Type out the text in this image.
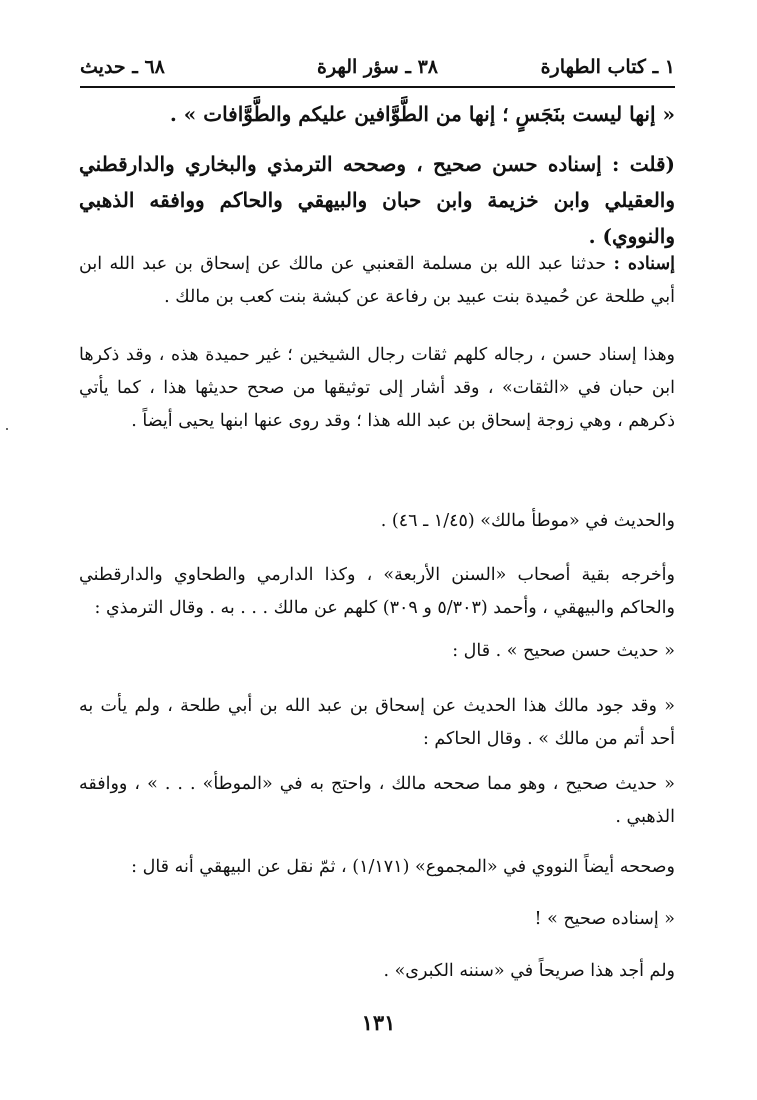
١ ـ كتاب الطهارة
٣٨ ـ سؤر الهرة
٦٨ ـ حديث

« إنها ليست بنَجَسٍ ؛ إنها من الطَّوَّافين عليكم والطَّوَّافات » .

(قلت : إسناده حسن صحيح ، وصححه الترمذي والبخاري والدارقطني والعقيلي وابن خزيمة وابن حبان والبيهقي والحاكم ووافقه الذهبي والنووي) .

إسناده : حدثنا عبد الله بن مسلمة القعنبي عن مالك عن إسحاق بن عبد الله ابن أبي طلحة عن حُميدة بنت عبيد بن رفاعة عن كبشة بنت كعب بن مالك .

وهذا إسناد حسن ، رجاله كلهم ثقات رجال الشيخين ؛ غير حميدة هذه ، وقد ذكرها ابن حبان في «الثقات» ، وقد أشار إلى توثيقها من صحح حديثها هذا ، كما يأتي ذكرهم ، وهي زوجة إسحاق بن عبد الله هذا ؛ وقد روى عنها ابنها يحيى أيضاً .

والحديث في «موطأ مالك» (١/٤٥ ـ ٤٦) .

وأخرجه بقية أصحاب «السنن الأربعة» ، وكذا الدارمي والطحاوي والدارقطني والحاكم والبيهقي ، وأحمد (٥/٣٠٣ و ٣٠٩) كلهم عن مالك . . . به . وقال الترمذي :

« حديث حسن صحيح » . قال :

« وقد جود مالك هذا الحديث عن إسحاق بن عبد الله بن أبي طلحة ، ولم يأت به أحد أتم من مالك » . وقال الحاكم :

« حديث صحيح ، وهو مما صححه مالك ، واحتج به في «الموطأ» . . . » ، ووافقه الذهبي .

وصححه أيضاً النووي في «المجموع» (١/١٧١) ، ثمّ نقل عن البيهقي أنه قال :

« إسناده صحيح » !

ولم أجد هذا صريحاً في «سننه الكبرى» .

١٣١
